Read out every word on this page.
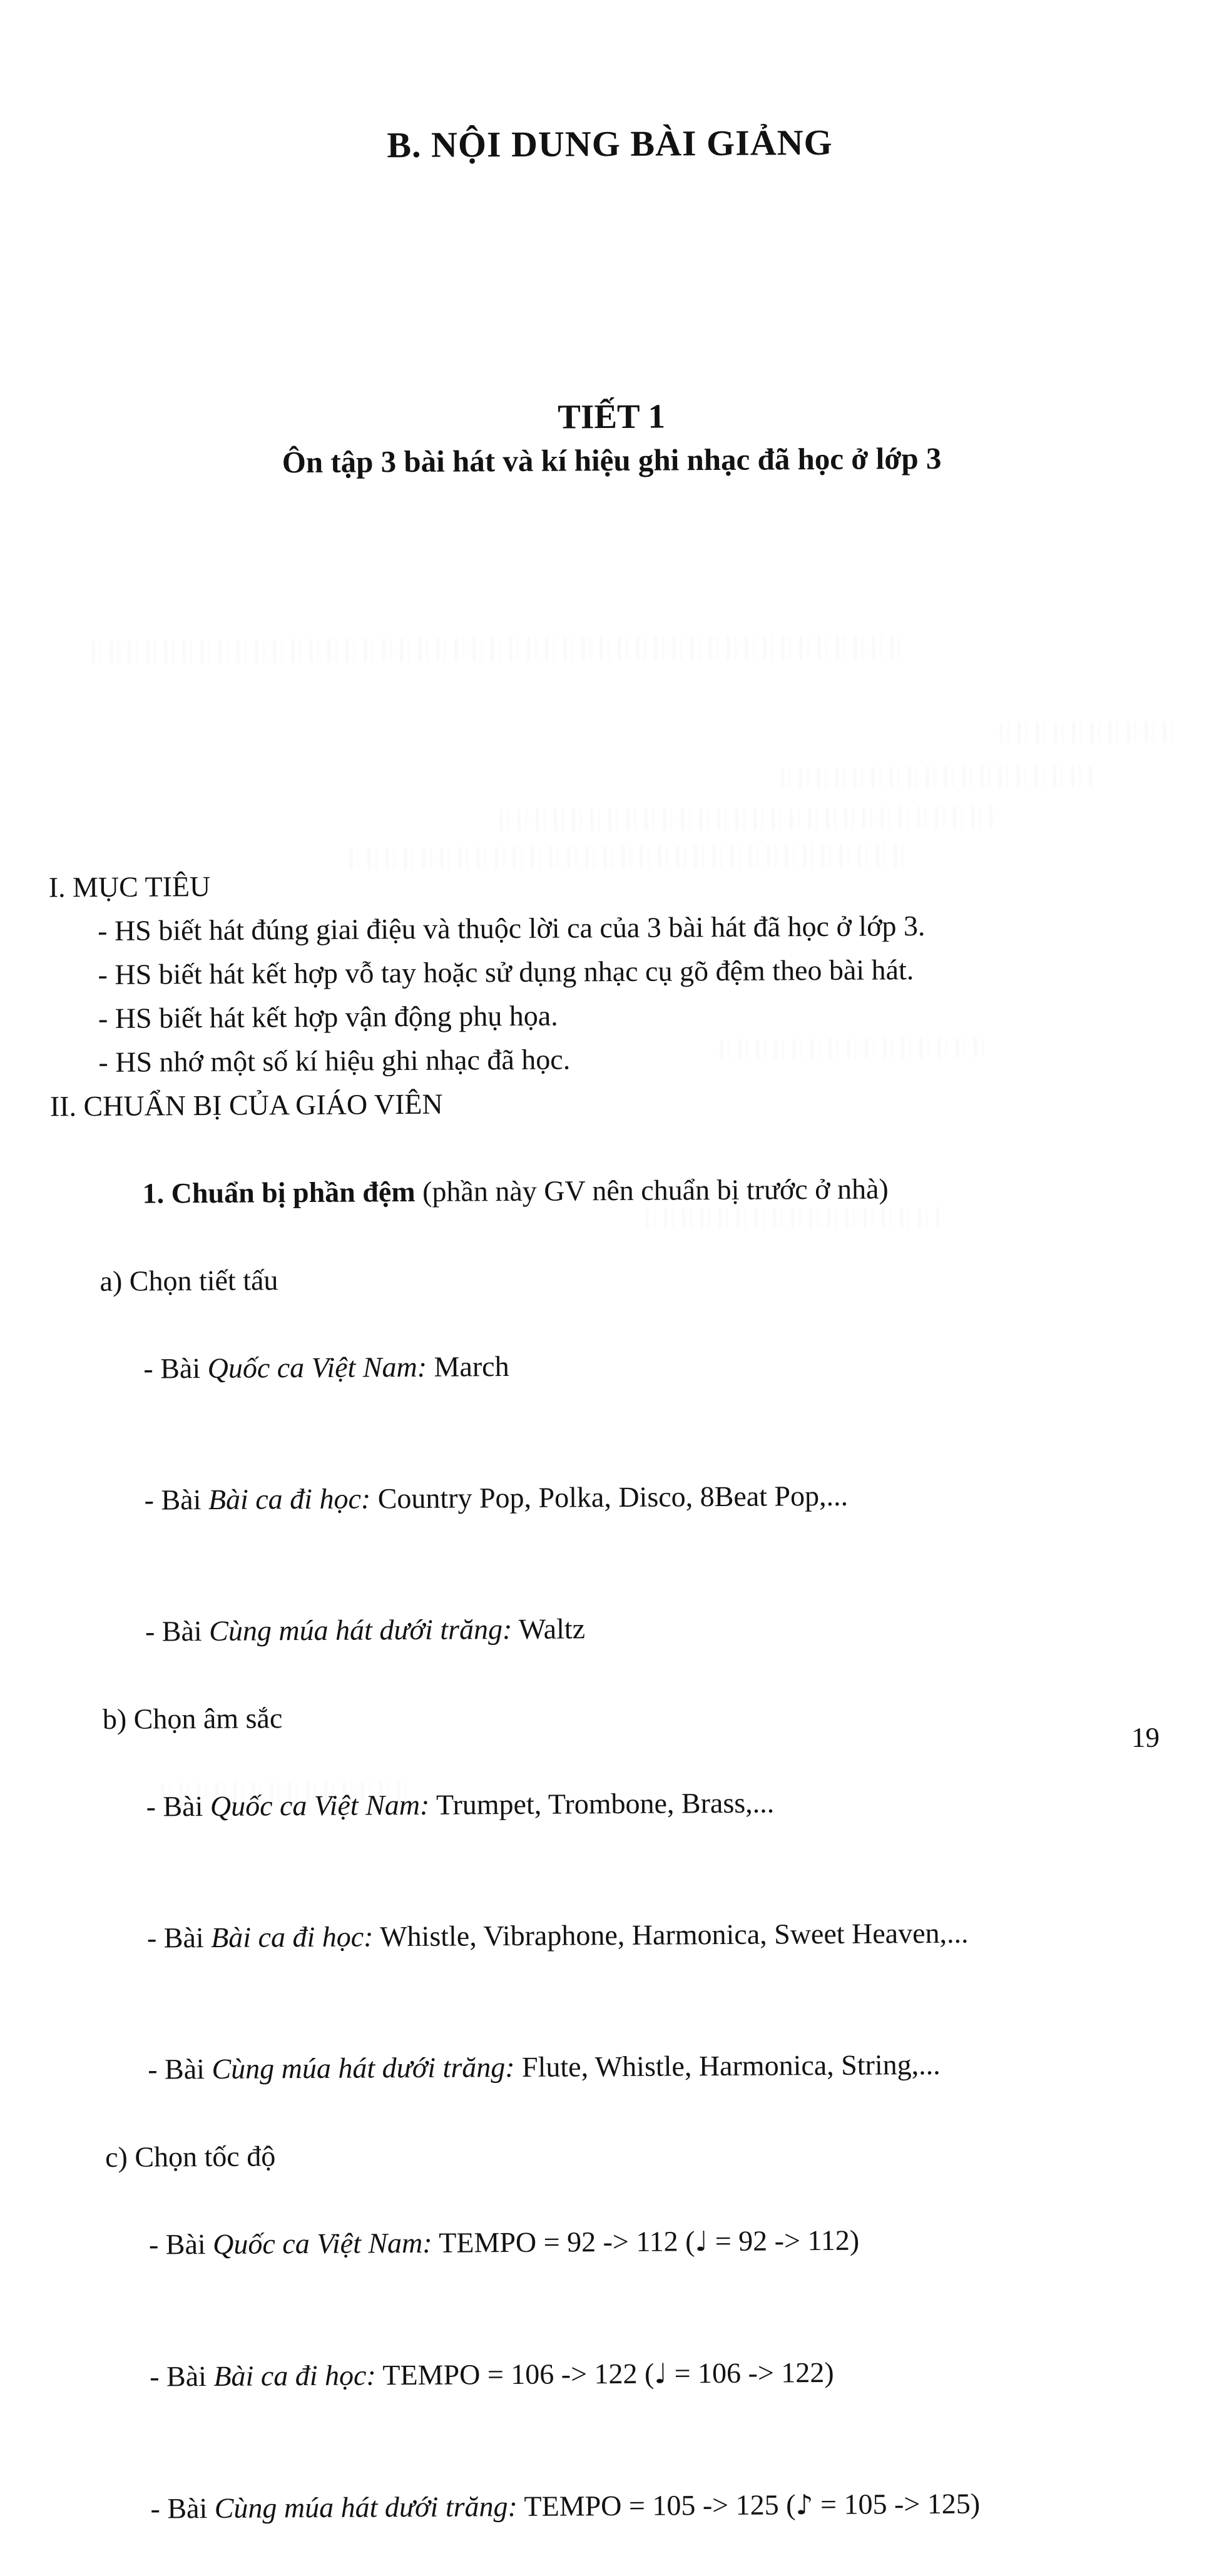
B. NỘI DUNG BÀI GIẢNG
TIẾT 1
Ôn tập 3 bài hát và kí hiệu ghi nhạc đã học ở lớp 3
I. MỤC TIÊU
- HS biết hát đúng giai điệu và thuộc lời ca của 3 bài hát đã học ở lớp 3.
- HS biết hát kết hợp vỗ tay hoặc sử dụng nhạc cụ gõ đệm theo bài hát.
- HS biết hát kết hợp vận động phụ họa.
- HS nhớ một số kí hiệu ghi nhạc đã học.
II. CHUẨN BỊ CỦA GIÁO VIÊN

1. Chuẩn bị phần đệm (phần này GV nên chuẩn bị trước ở nhà)

a) Chọn tiết tấu

- Bài Quốc ca Việt Nam: March

- Bài Bài ca đi học: Country Pop, Polka, Disco, 8Beat Pop,...

- Bài Cùng múa hát dưới trăng: Waltz

b) Chọn âm sắc

- Bài Quốc ca Việt Nam: Trumpet, Trombone, Brass,...

- Bài Bài ca đi học: Whistle, Vibraphone, Harmonica, Sweet Heaven,...

- Bài Cùng múa hát dưới trăng: Flute, Whistle, Harmonica, String,...

c) Chọn tốc độ

- Bài Quốc ca Việt Nam: TEMPO = 92 -> 112 (♩ = 92 -> 112)

- Bài Bài ca đi học: TEMPO = 106 -> 122 (♩ = 106 -> 122)

- Bài Cùng múa hát dưới trăng: TEMPO = 105 -> 125 (♪ = 105 -> 125)

19
